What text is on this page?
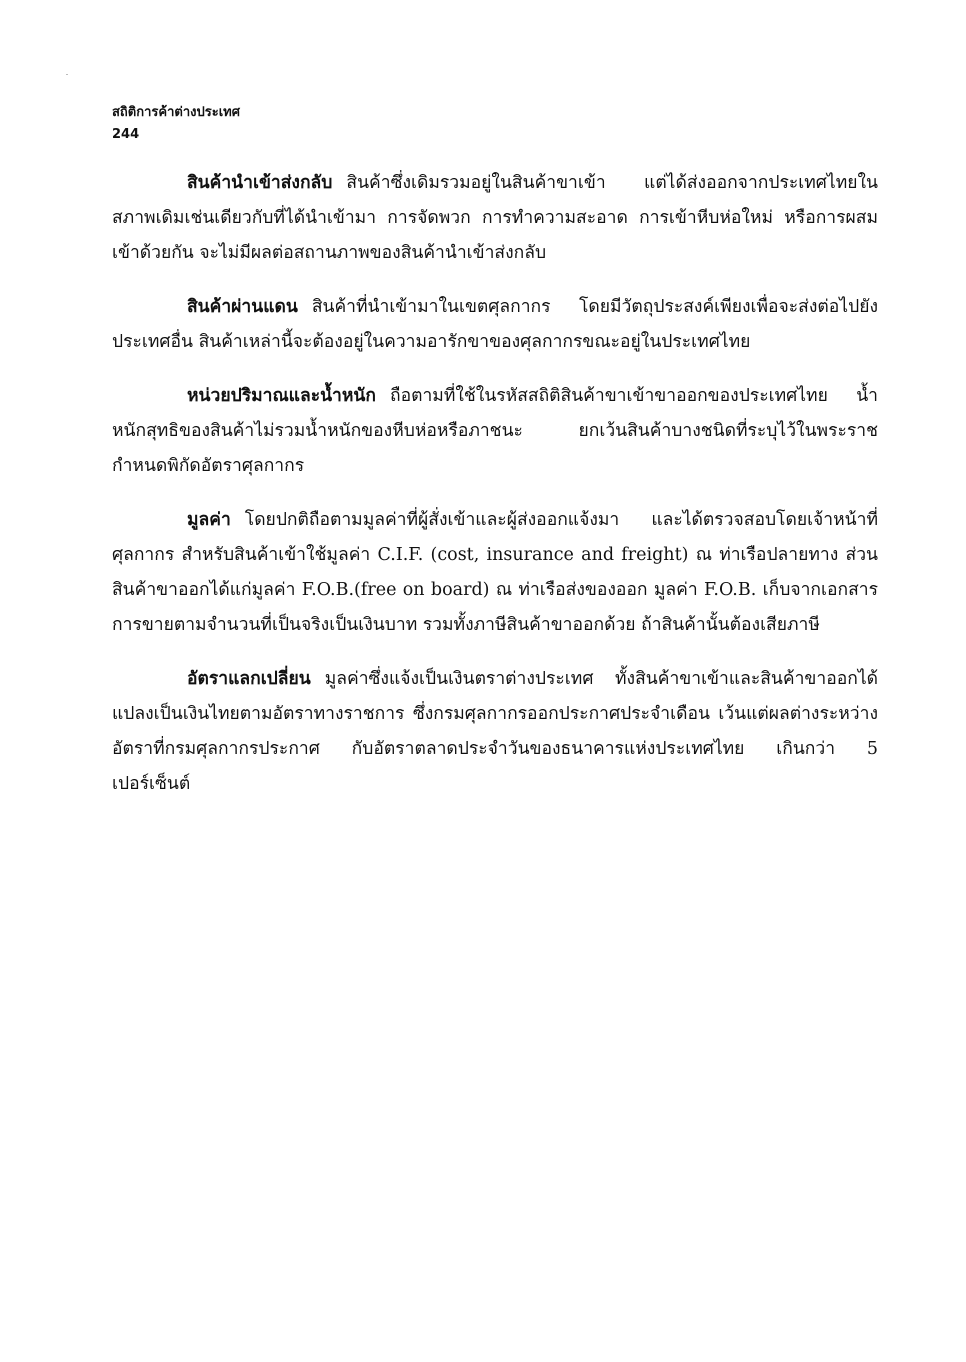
สถิติการค้าต่างประเทศ
244

สินค้านำเข้าส่งกลับ สินค้าซึ่งเดิมรวมอยู่ในสินค้าขาเข้า แต่ได้ส่งออกจากประเทศไทยในสภาพเดิมเช่นเดียวกับที่ได้นำเข้ามา การจัดพวก การทำความสะอาด การเข้าหีบห่อใหม่ หรือการผสมเข้าด้วยกัน จะไม่มีผลต่อสถานภาพของสินค้านำเข้าส่งกลับ

สินค้าผ่านแดน สินค้าที่นำเข้ามาในเขตศุลกากร โดยมีวัตถุประสงค์เพียงเพื่อจะส่งต่อไปยังประเทศอื่น สินค้าเหล่านี้จะต้องอยู่ในความอารักขาของศุลกากรขณะอยู่ในประเทศไทย

หน่วยปริมาณและน้ำหนัก ถือตามที่ใช้ในรหัสสถิติสินค้าขาเข้าขาออกของประเทศไทย น้ำหนักสุทธิของสินค้าไม่รวมน้ำหนักของหีบห่อหรือภาชนะ ยกเว้นสินค้าบางชนิดที่ระบุไว้ในพระราชกำหนดพิกัดอัตราศุลกากร

มูลค่า โดยปกติถือตามมูลค่าที่ผู้สั่งเข้าและผู้ส่งออกแจ้งมา และได้ตรวจสอบโดยเจ้าหน้าที่ศุลกากร สำหรับสินค้าเข้าใช้มูลค่า C.I.F. (cost, insurance and freight) ณ ท่าเรือปลายทาง ส่วนสินค้าขาออกได้แก่มูลค่า F.O.B.(free on board) ณ ท่าเรือส่งของออก มูลค่า F.O.B. เก็บจากเอกสารการขายตามจำนวนที่เป็นจริงเป็นเงินบาท รวมทั้งภาษีสินค้าขาออกด้วย ถ้าสินค้านั้นต้องเสียภาษี

อัตราแลกเปลี่ยน มูลค่าซึ่งแจ้งเป็นเงินตราต่างประเทศ ทั้งสินค้าขาเข้าและสินค้าขาออกได้แปลงเป็นเงินไทยตามอัตราทางราชการ ซึ่งกรมศุลกากรออกประกาศประจำเดือน เว้นแต่ผลต่างระหว่างอัตราที่กรมศุลกากรประกาศ กับอัตราตลาดประจำวันของธนาคารแห่งประเทศไทย เกินกว่า 5 เปอร์เซ็นต์
